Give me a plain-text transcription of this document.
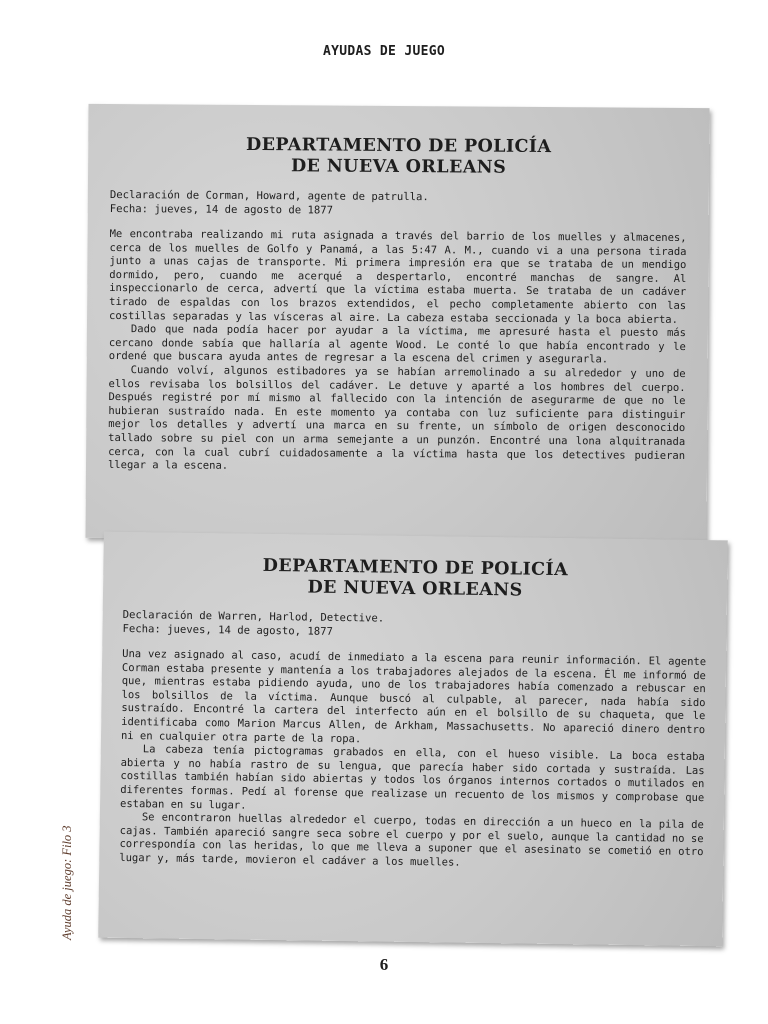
AYUDAS DE JUEGO
Ayuda de juego: Filo 3
DEPARTAMENTO DE POLICÍA
DE NUEVA ORLEANS
Declaración de Corman, Howard, agente de patrulla.
Fecha: jueves, 14 de agosto de 1877

Me encontraba realizando mi ruta asignada a través del barrio de los muelles y almacenes, cerca de los muelles de Golfo y Panamá, a las 5:47 A. M., cuando vi a una persona tirada junto a unas cajas de transporte. Mi primera impresión era que se trataba de un mendigo dormido, pero, cuando me acerqué a despertarlo, encontré manchas de sangre. Al inspeccionarlo de cerca, advertí que la víctima estaba muerta. Se trataba de un cadáver tirado de espaldas con los brazos extendidos, el pecho completamente abierto con las costillas separadas y las vísceras al aire. La cabeza estaba seccionada y la boca abierta.

Dado que nada podía hacer por ayudar a la víctima, me apresuré hasta el puesto más cercano donde sabía que hallaría al agente Wood. Le conté lo que había encontrado y le ordené que buscara ayuda antes de regresar a la escena del crimen y asegurarla.

Cuando volví, algunos estibadores ya se habían arremolinado a su alrededor y uno de ellos revisaba los bolsillos del cadáver. Le detuve y aparté a los hombres del cuerpo. Después registré por mí mismo al fallecido con la intención de asegurarme de que no le hubieran sustraído nada. En este momento ya contaba con luz suficiente para distinguir mejor los detalles y advertí una marca en su frente, un símbolo de origen desconocido tallado sobre su piel con un arma semejante a un punzón. Encontré una lona alquitranada cerca, con la cual cubrí cuidadosamente a la víctima hasta que los detectives pudieran llegar a la escena.

DEPARTAMENTO DE POLICÍA
DE NUEVA ORLEANS
Declaración de Warren, Harlod, Detective.
Fecha: jueves, 14 de agosto, 1877

Una vez asignado al caso, acudí de inmediato a la escena para reunir información. El agente Corman estaba presente y mantenía a los trabajadores alejados de la escena. Él me informó de que, mientras estaba pidiendo ayuda, uno de los trabajadores había comenzado a rebuscar en los bolsillos de la víctima. Aunque buscó al culpable, al parecer, nada había sido sustraído. Encontré la cartera del interfecto aún en el bolsillo de su chaqueta, que le identificaba como Marion Marcus Allen, de Arkham, Massachusetts. No apareció dinero dentro ni en cualquier otra parte de la ropa.

La cabeza tenía pictogramas grabados en ella, con el hueso visible. La boca estaba abierta y no había rastro de su lengua, que parecía haber sido cortada y sustraída. Las costillas también habían sido abiertas y todos los órganos internos cortados o mutilados en diferentes formas. Pedí al forense que realizase un recuento de los mismos y comprobase que estaban en su lugar.

Se encontraron huellas alrededor el cuerpo, todas en dirección a un hueco en la pila de cajas. También apareció sangre seca sobre el cuerpo y por el suelo, aunque la cantidad no se correspondía con las heridas, lo que me lleva a suponer que el asesinato se cometió en otro lugar y, más tarde, movieron el cadáver a los muelles.

6
